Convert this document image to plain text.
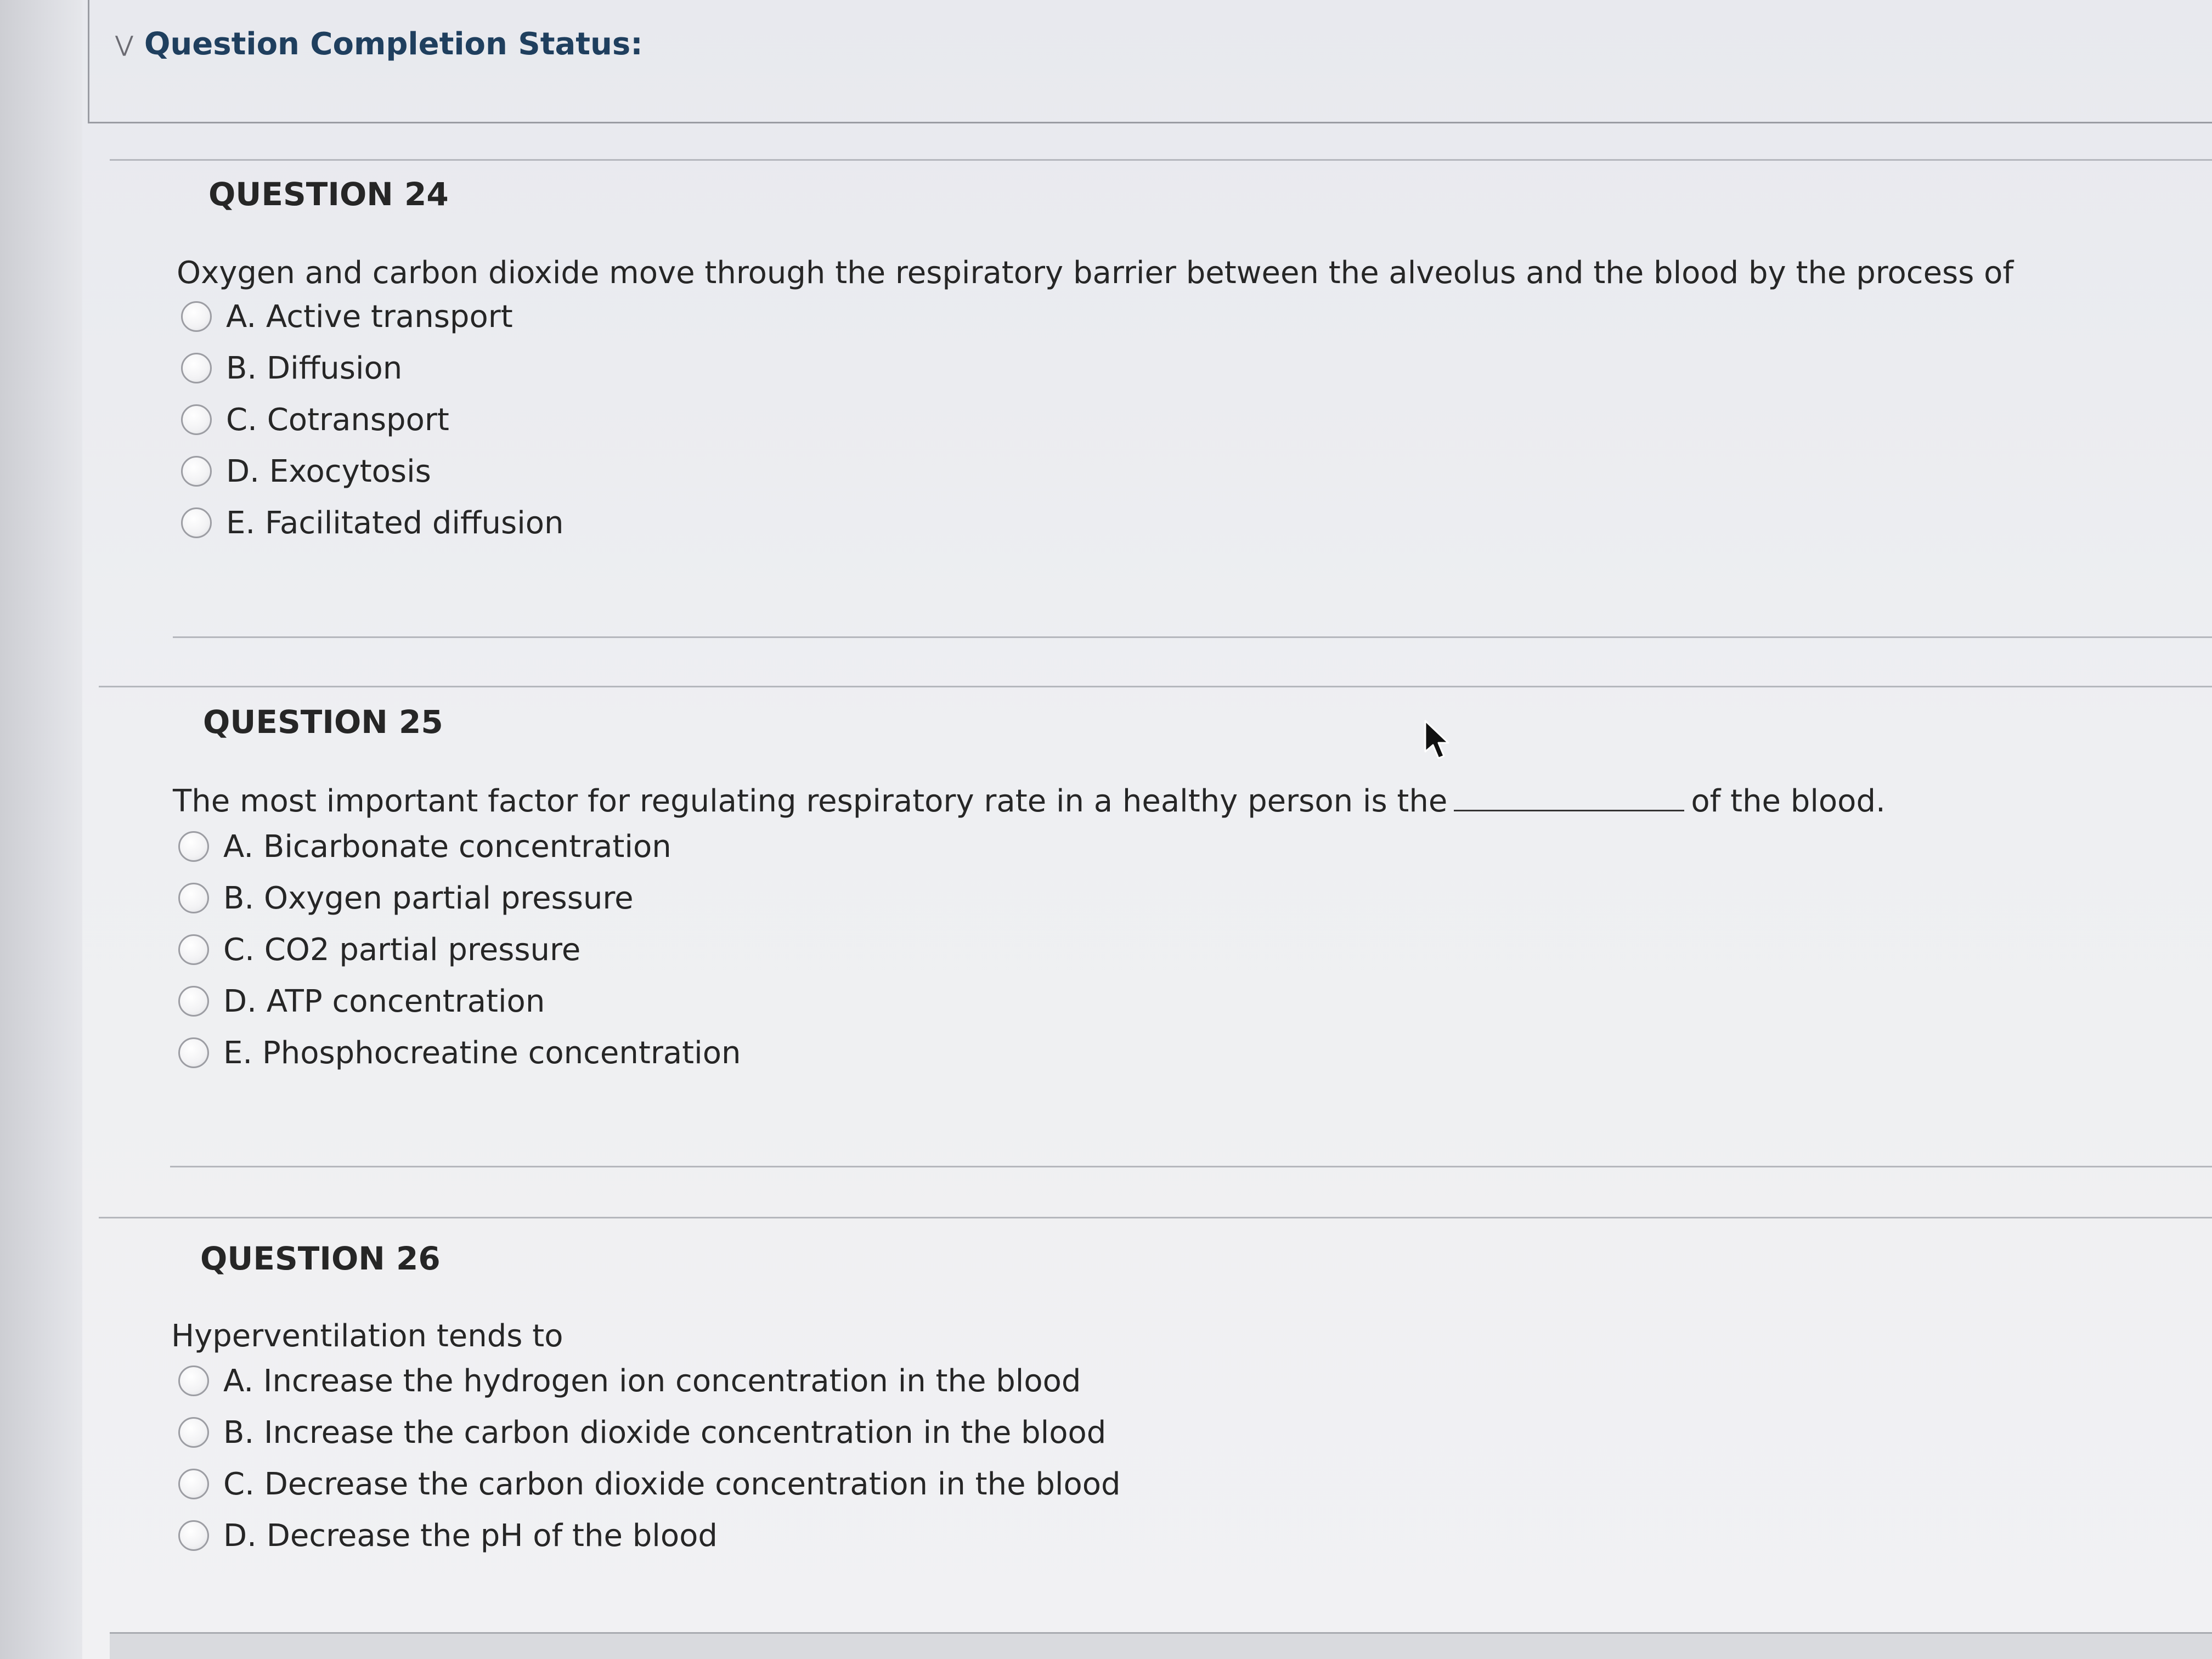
⋁ Question Completion Status:
QUESTION 24
Oxygen and carbon dioxide move through the respiratory barrier between the alveolus and the blood by the process of
A. Active transport
B. Diffusion
C. Cotransport
D. Exocytosis
E. Facilitated diffusion
QUESTION 25
The most important factor for regulating respiratory rate in a healthy person is the	of the blood.
A. Bicarbonate concentration
B. Oxygen partial pressure
C. CO2 partial pressure
D. ATP concentration
E. Phosphocreatine concentration
QUESTION 26
Hyperventilation tends to
A. Increase the hydrogen ion concentration in the blood
B. Increase the carbon dioxide concentration in the blood
C. Decrease the carbon dioxide concentration in the blood
D. Decrease the pH of the blood
